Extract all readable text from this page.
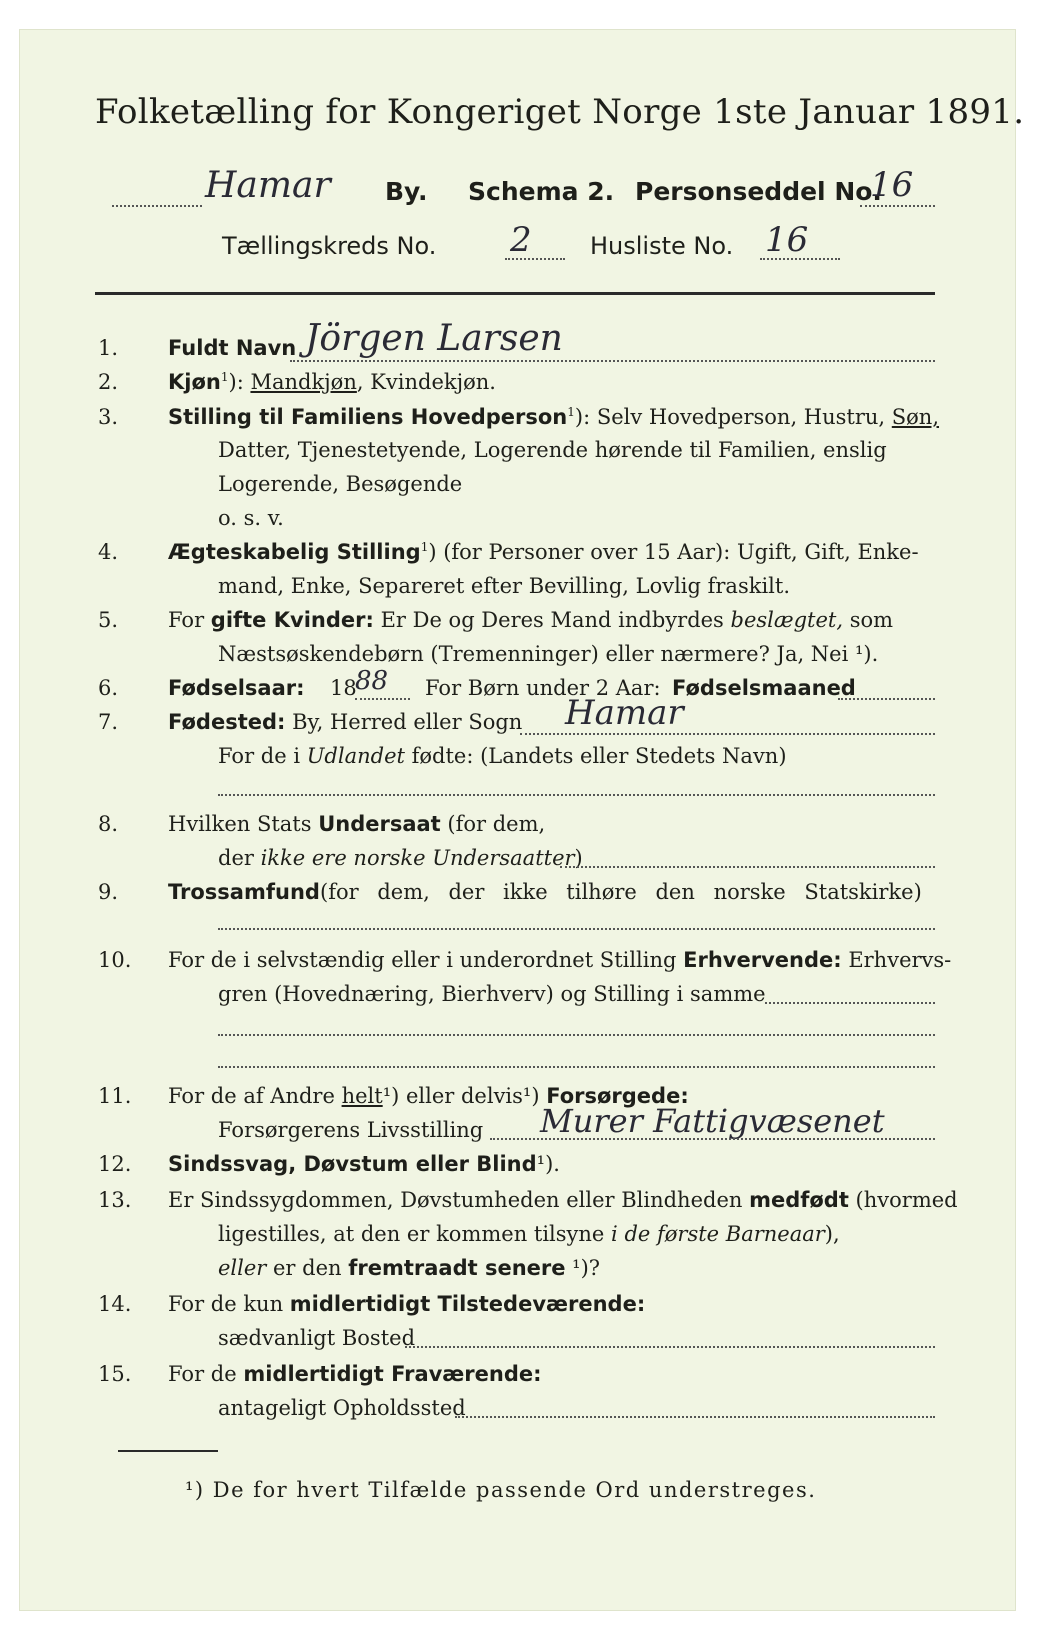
Folketælling for Kongeriget Norge 1ste Januar 1891.
Hamar By. Schema 2. Personseddel No.
16
Tællingskreds No. 2 Husliste No. 16
1.	Fuldt Navn Jörgen Larsen
2.	Kjøn$^1$): Mandkjøn, Kvindekjøn.
3.	Stilling til Familiens Hovedperson$^1$): Selv Hovedperson, Hustru, Søn,
Datter, Tjenestetyende, Logerende hørende til Familien, enslig
Logerende, Besøgende
o. s. v.
4.	Ægteskabelig Stilling$^1$) (for Personer over 15 Aar): Ugift, Gift, Enke-
mand, Enke, Separeret efter Bevilling, Lovlig fraskilt.
5.	For gifte Kvinder: Er De og Deres Mand indbyrdes beslægtet, som
Næstsøskendebørn (Tremenninger) eller nærmere? Ja, Nei ¹).
6.	Fødselsaar: 18
88 For Børn under 2 Aar: Fødselsmaaned
7.	Fødested: By, Herred eller Sogn Hamar
For de i Udlandet fødte: (Landets eller Stedets Navn)
8.	Hvilken Stats Undersaat (for dem,
der ikke ere norske Undersaatter)
9.	Trossamfund (for dem, der ikke tilhøre den norske Statskirke)
10.	For de i selvstændig eller i underordnet Stilling Erhvervende: Erhvervs-
gren (Hovednæring, Bierhverv) og Stilling i samme
11.	For de af Andre helt¹) eller delvis¹) Forsørgede:
Forsørgerens Livsstilling Murer Fattigvæsenet
12.	Sindssvag, Døvstum eller Blind¹).
13.	Er Sindssygdommen, Døvstumheden eller Blindheden medfødt (hvormed
ligestilles, at den er kommen tilsyne i de første Barneaar),
eller er den fremtraadt senere ¹)?
14.	For de kun midlertidigt Tilstedeværende:
sædvanligt Bosted
15.	For de midlertidigt Fraværende:
antageligt Opholdssted
¹) De for hvert Tilfælde passende Ord understreges.
